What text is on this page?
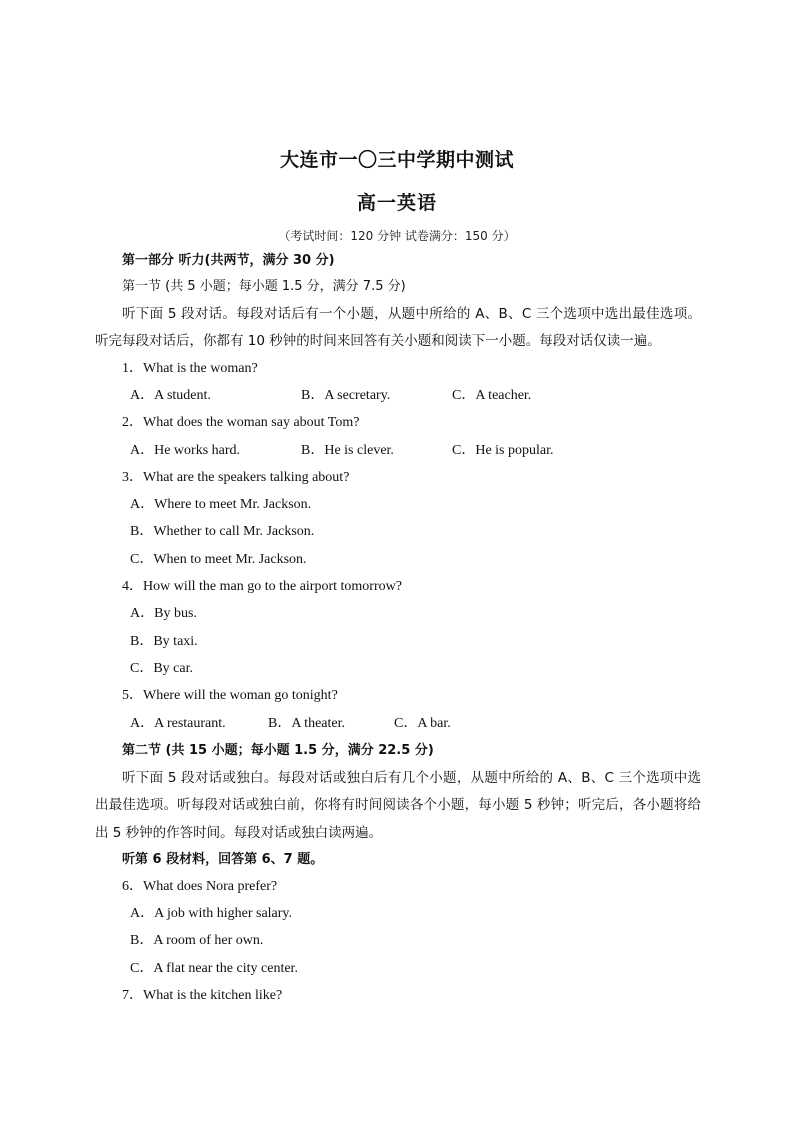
大连市一〇三中学期中测试
高一英语
（考试时间：120 分钟 试卷满分：150 分）
第一部分 听力(共两节，满分 30 分)
第一节 (共 5 小题；每小题 1.5 分，满分 7.5 分)
听下面 5 段对话。每段对话后有一个小题，从题中所给的 A、B、C 三个选项中选出最佳选项。听完每段对话后，你都有 10 秒钟的时间来回答有关小题和阅读下一小题。每段对话仅读一遍。
1．What is the woman?
A．A student.	B．A secretary.	C．A teacher.
2．What does the woman say about Tom?
A．He works hard.	B．He is clever.	C．He is popular.
3．What are the speakers talking about?
A．Where to meet Mr. Jackson.
B．Whether to call Mr. Jackson.
C．When to meet Mr. Jackson.
4．How will the man go to the airport tomorrow?
A．By bus.
B．By taxi.
C．By car.
5．Where will the woman go tonight?
A．A restaurant.	B．A theater.	C．A bar.
第二节 (共 15 小题；每小题 1.5 分，满分 22.5 分)
听下面 5 段对话或独白。每段对话或独白后有几个小题，从题中所给的 A、B、C 三个选项中选出最佳选项。听每段对话或独白前，你将有时间阅读各个小题，每小题 5 秒钟；听完后，各小题将给出 5 秒钟的作答时间。每段对话或独白读两遍。
听第 6 段材料，回答第 6、7 题。
6．What does Nora prefer?
A．A job with higher salary.
B．A room of her own.
C．A flat near the city center.
7．What is the kitchen like?
